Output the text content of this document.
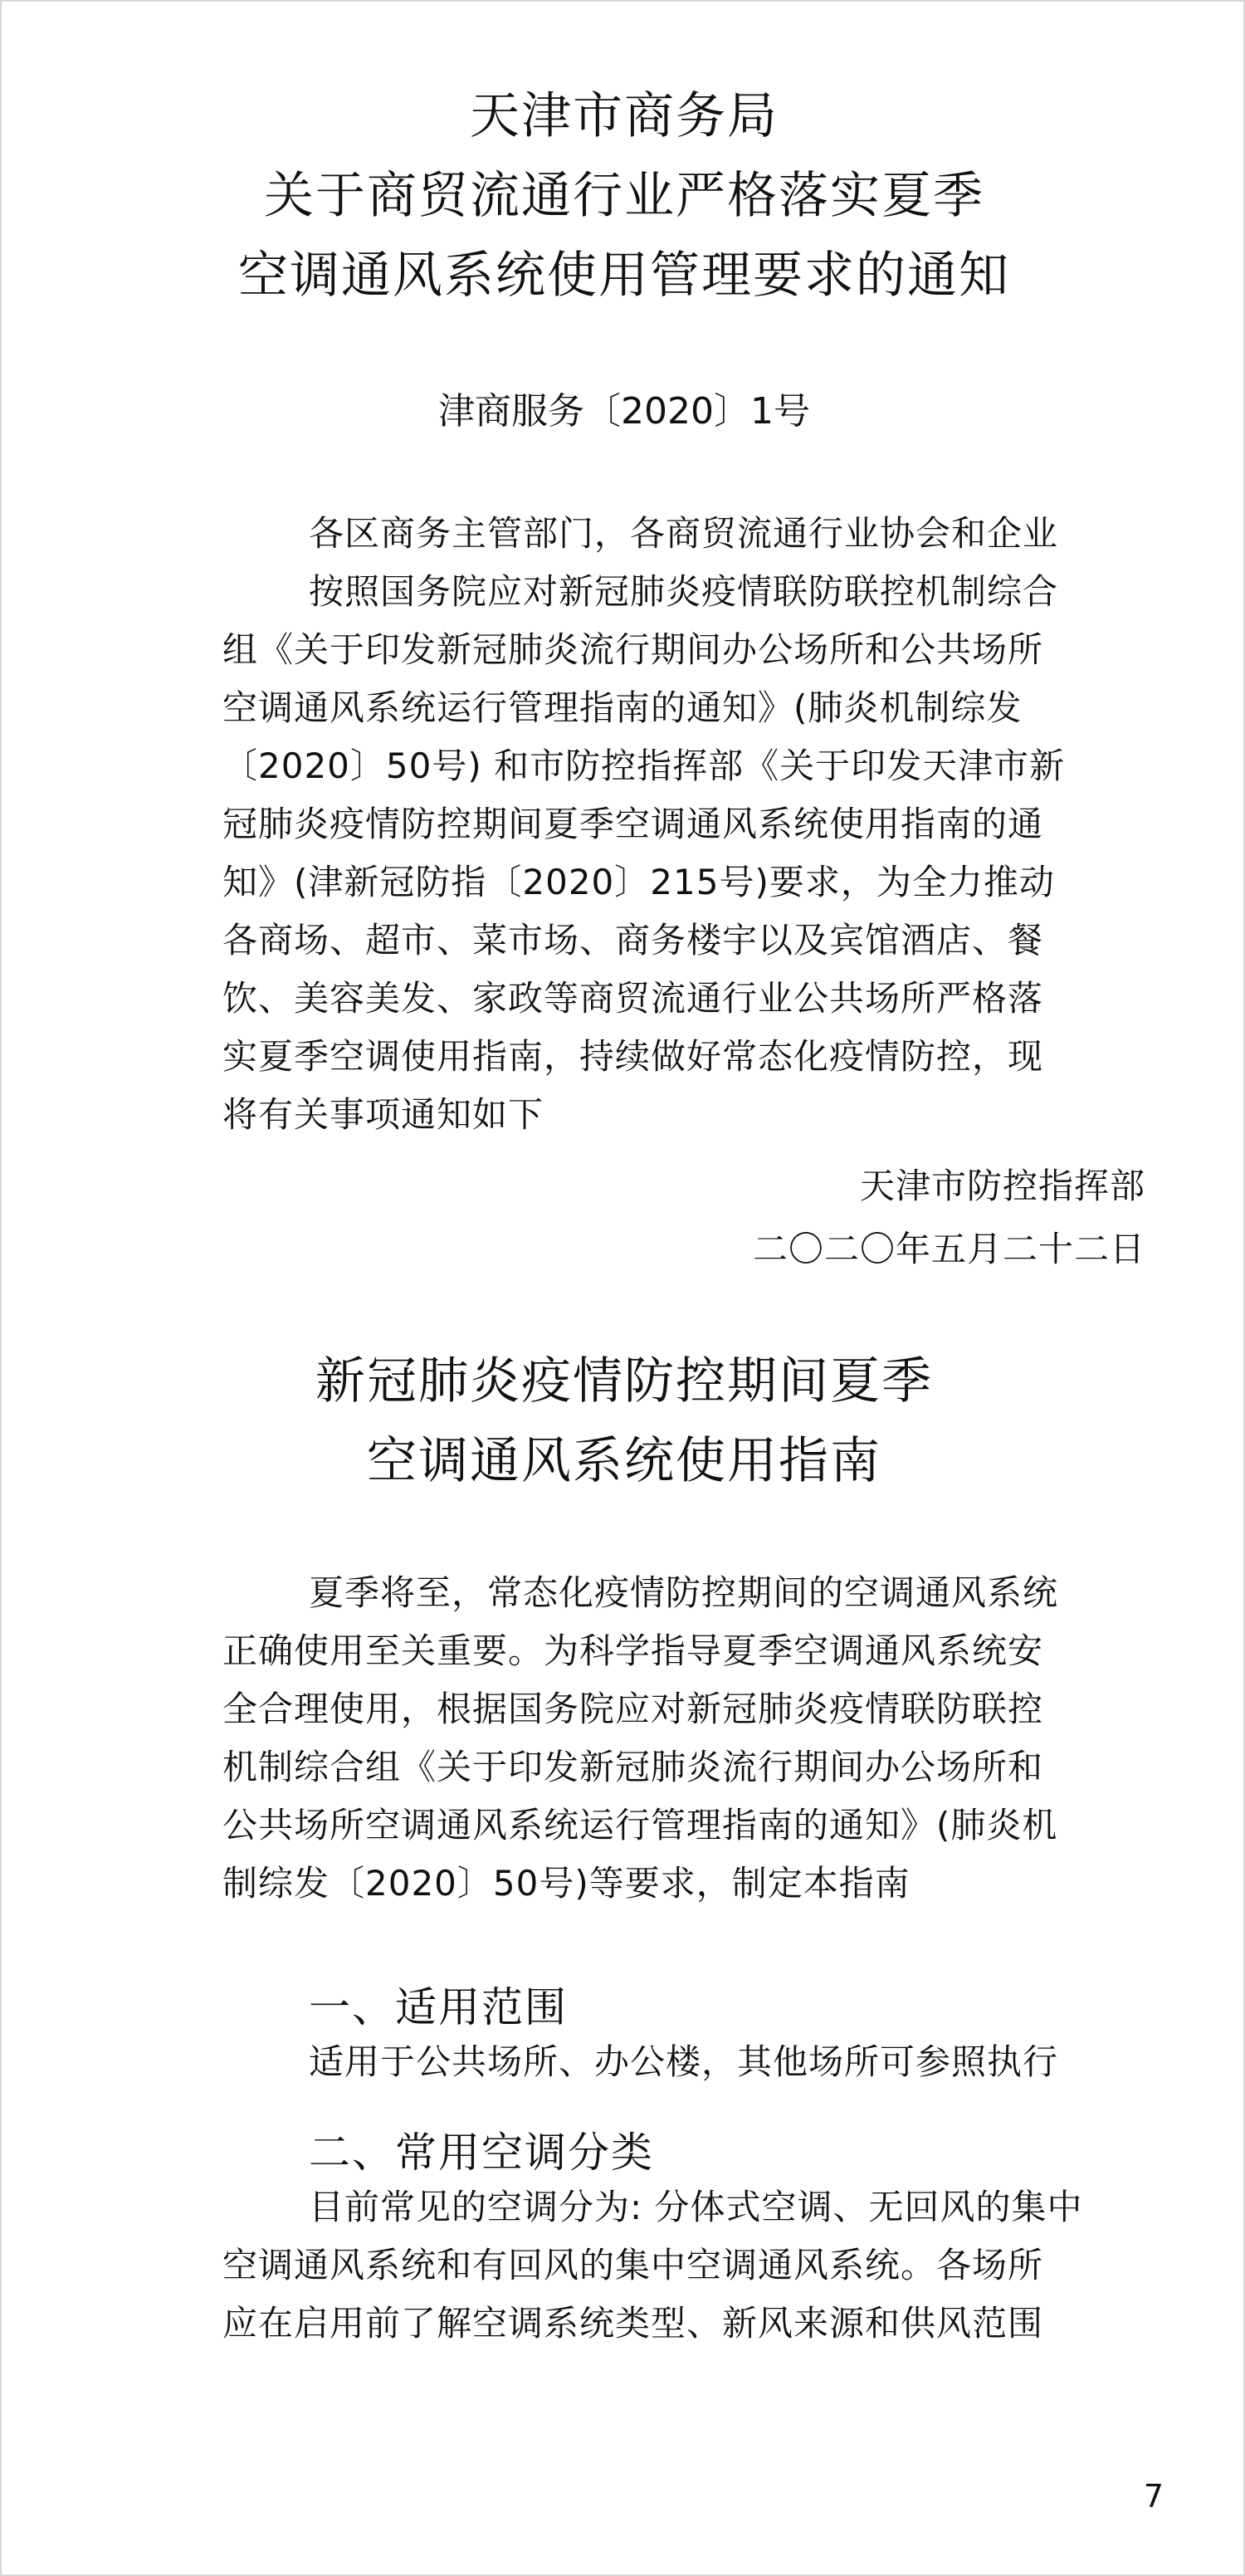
天津市商务局
关于商贸流通行业严格落实夏季
空调通风系统使用管理要求的通知
津商服务〔2020〕1号
各区商务主管部门，各商贸流通行业协会和企业
按照国务院应对新冠肺炎疫情联防联控机制综合
组《关于印发新冠肺炎流行期间办公场所和公共场所
空调通风系统运行管理指南的通知》(肺炎机制综发
〔2020〕50号) 和市防控指挥部《关于印发天津市新
冠肺炎疫情防控期间夏季空调通风系统使用指南的通
知》(津新冠防指〔2020〕215号)要求，为全力推动
各商场、超市、菜市场、商务楼宇以及宾馆酒店、餐
饮、美容美发、家政等商贸流通行业公共场所严格落
实夏季空调使用指南，持续做好常态化疫情防控，现
将有关事项通知如下
天津市防控指挥部
二〇二〇年五月二十二日
新冠肺炎疫情防控期间夏季
空调通风系统使用指南
夏季将至，常态化疫情防控期间的空调通风系统
正确使用至关重要。为科学指导夏季空调通风系统安
全合理使用，根据国务院应对新冠肺炎疫情联防联控
机制综合组《关于印发新冠肺炎流行期间办公场所和
公共场所空调通风系统运行管理指南的通知》(肺炎机
制综发〔2020〕50号)等要求，制定本指南
一、适用范围
适用于公共场所、办公楼，其他场所可参照执行
二、常用空调分类
目前常见的空调分为: 分体式空调、无回风的集中
空调通风系统和有回风的集中空调通风系统。各场所
应在启用前了解空调系统类型、新风来源和供风范围
7
